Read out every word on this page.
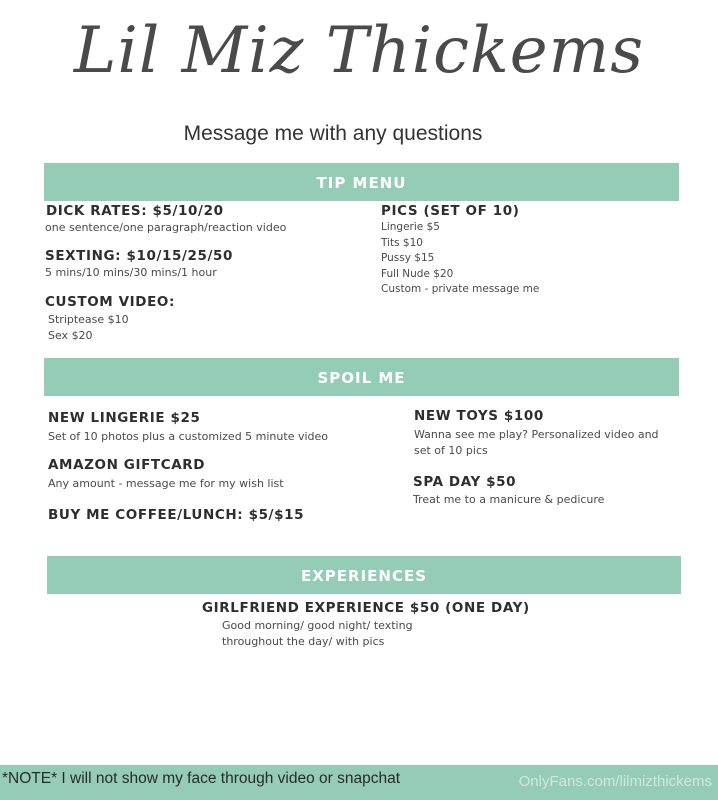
Lil Miz Thickems
Message me with any questions
TIP MENU
DICK RATES: $5/10/20
one sentence/one paragraph/reaction video
SEXTING: $10/15/25/50
5 mins/10 mins/30 mins/1 hour
CUSTOM VIDEO:
Striptease $10
Sex $20
PICS (SET OF 10)
Lingerie $5
Tits $10
Pussy $15
Full Nude $20
Custom - private message me
SPOIL ME
NEW LINGERIE $25
Set of 10 photos plus a customized 5 minute video
AMAZON GIFTCARD
Any amount - message me for my wish list
BUY ME COFFEE/LUNCH: $5/$15
NEW TOYS $100
Wanna see me play? Personalized video and
set of 10 pics
SPA DAY $50
Treat me to a manicure & pedicure
EXPERIENCES
GIRLFRIEND EXPERIENCE $50 (ONE DAY)
Good morning/ good night/ texting
throughout the day/ with pics
*NOTE* I will not show my face through video or snapchat	OnlyFans.com/lilmizthickems
